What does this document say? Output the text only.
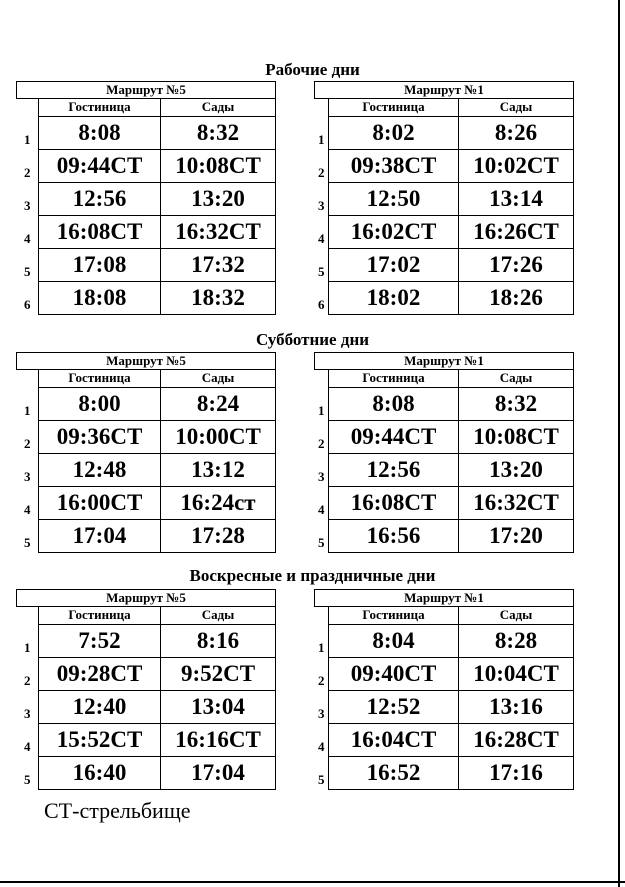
Рабочие дни
Маршрут №5		
	Гостиница	Сады
1	8:08	8:32
2	09:44СТ	10:08СТ
3	12:56	13:20
4	16:08СТ	16:32СТ
5	17:08	17:32
6	18:08	18:32
Маршрут №1		
	Гостиница	Сады
1	8:02	8:26
2	09:38СТ	10:02СТ
3	12:50	13:14
4	16:02СТ	16:26СТ
5	17:02	17:26
6	18:02	18:26
Субботние дни
Маршрут №5		
	Гостиница	Сады
1	8:00	8:24
2	09:36СТ	10:00СТ
3	12:48	13:12
4	16:00СТ	16:24ст
5	17:04	17:28
Маршрут №1		
	Гостиница	Сады
1	8:08	8:32
2	09:44СТ	10:08СТ
3	12:56	13:20
4	16:08СТ	16:32СТ
5	16:56	17:20
Воскресные и праздничные дни
Маршрут №5		
	Гостиница	Сады
1	7:52	8:16
2	09:28СТ	9:52СТ
3	12:40	13:04
4	15:52СТ	16:16СТ
5	16:40	17:04
Маршрут №1		
	Гостиница	Сады
1	8:04	8:28
2	09:40СТ	10:04СТ
3	12:52	13:16
4	16:04СТ	16:28СТ
5	16:52	17:16
СТ-стрельбище
